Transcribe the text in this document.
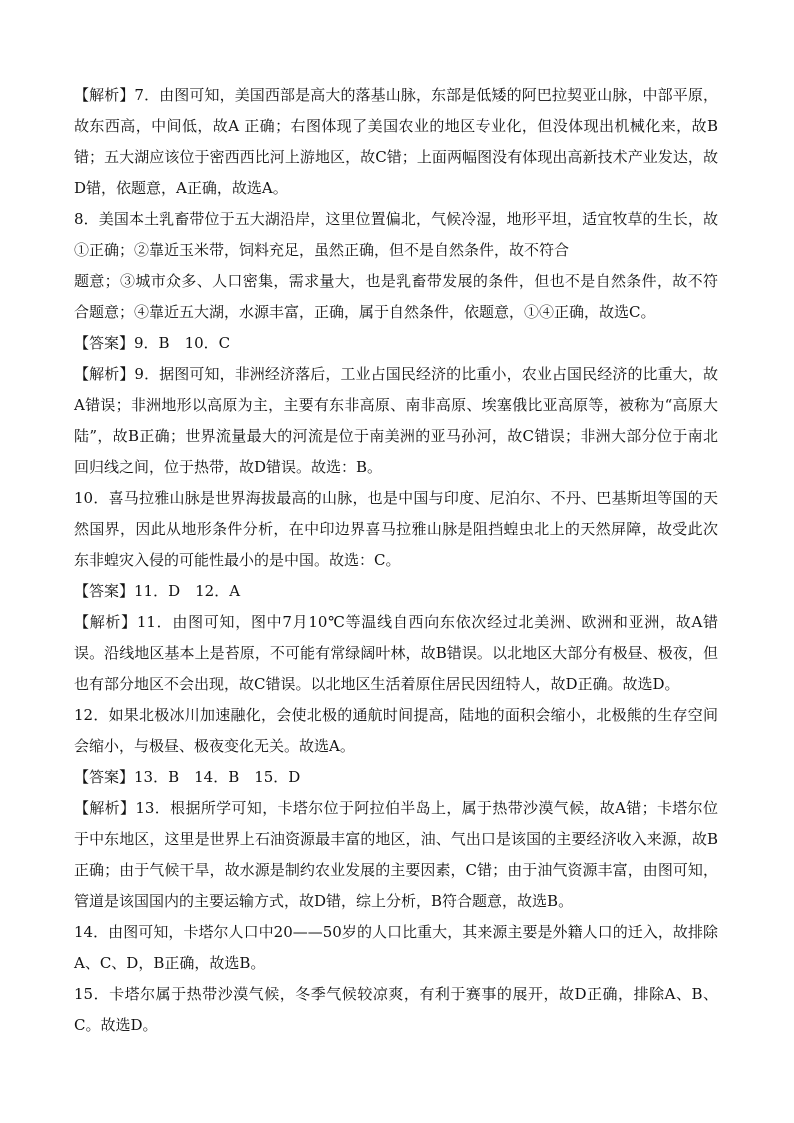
【解析】7．由图可知，美国西部是高大的落基山脉，东部是低矮的阿巴拉契亚山脉，中部平原，故东西高，中间低，故A 正确；右图体现了美国农业的地区专业化，但没体现出机械化来，故B错；五大湖应该位于密西西比河上游地区，故C错；上面两幅图没有体现出高新技术产业发达，故D错，依题意，A正确，故选A。

8．美国本土乳畜带位于五大湖沿岸，这里位置偏北，气候冷湿，地形平坦，适宜牧草的生长，故①正确；②靠近玉米带，饲料充足，虽然正确，但不是自然条件，故不符合

题意；③城市众多、人口密集，需求量大，也是乳畜带发展的条件，但也不是自然条件，故不符合题意；④靠近五大湖，水源丰富，正确，属于自然条件，依题意，①④正确，故选C。

【答案】9．B　10．C

【解析】9．据图可知，非洲经济落后，工业占国民经济的比重小，农业占国民经济的比重大，故A错误；非洲地形以高原为主，主要有东非高原、南非高原、埃塞俄比亚高原等，被称为“高原大陆”，故B正确；世界流量最大的河流是位于南美洲的亚马孙河，故C错误；非洲大部分位于南北回归线之间，位于热带，故D错误。故选：B。

10．喜马拉雅山脉是世界海拔最高的山脉，也是中国与印度、尼泊尔、不丹、巴基斯坦等国的天然国界，因此从地形条件分析，在中印边界喜马拉雅山脉是阻挡蝗虫北上的天然屏障，故受此次东非蝗灾入侵的可能性最小的是中国。故选：C。

【答案】11．D　12．A

【解析】11．由图可知，图中7月10℃等温线自西向东依次经过北美洲、欧洲和亚洲，故A错误。沿线地区基本上是苔原，不可能有常绿阔叶林，故B错误。以北地区大部分有极昼、极夜，但也有部分地区不会出现，故C错误。以北地区生活着原住居民因纽特人，故D正确。故选D。

12．如果北极冰川加速融化，会使北极的通航时间提高，陆地的面积会缩小，北极熊的生存空间会缩小，与极昼、极夜变化无关。故选A。

【答案】13．B　14．B　15．D

【解析】13．根据所学可知，卡塔尔位于阿拉伯半岛上，属于热带沙漠气候，故A错；卡塔尔位于中东地区，这里是世界上石油资源最丰富的地区，油、气出口是该国的主要经济收入来源，故B正确；由于气候干旱，故水源是制约农业发展的主要因素，C错；由于油气资源丰富，由图可知，管道是该国国内的主要运输方式，故D错，综上分析，B符合题意，故选B。

14．由图可知，卡塔尔人口中20——50岁的人口比重大，其来源主要是外籍人口的迁入，故排除A、C、D，B正确，故选B。

15．卡塔尔属于热带沙漠气候，冬季气候较凉爽，有利于赛事的展开，故D正确，排除A、B、C。故选D。
